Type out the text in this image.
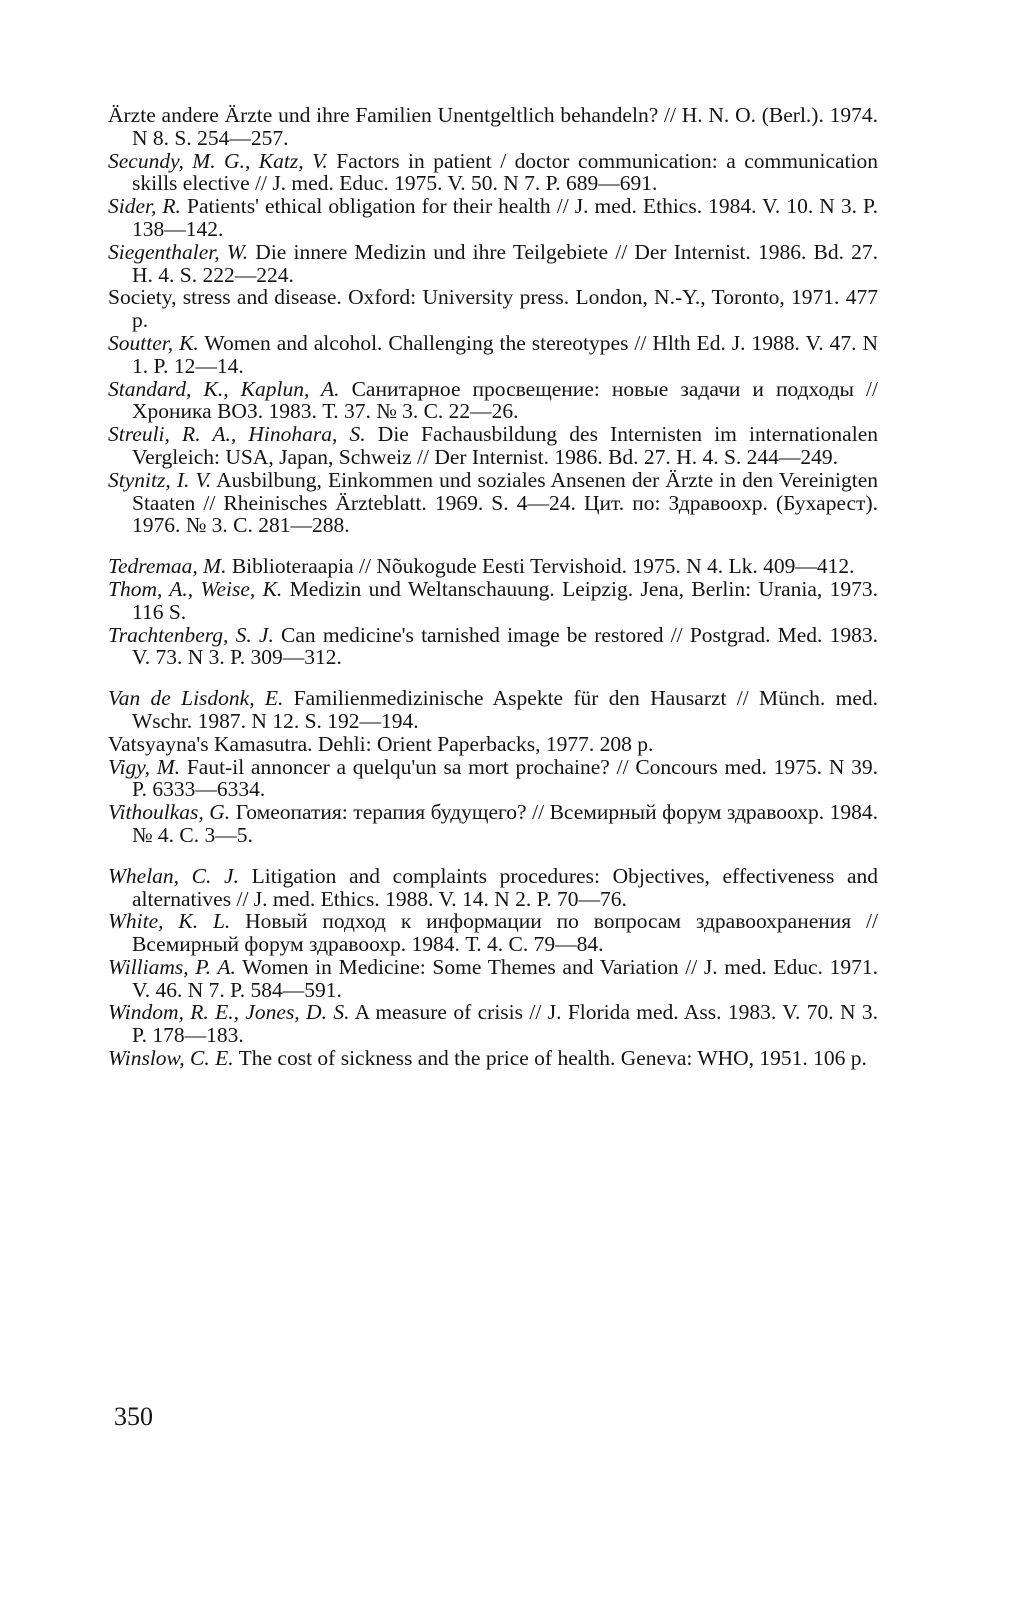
Ärzte andere Ärzte und ihre Familien Unentgeltlich behandeln? // H. N. O. (Berl.). 1974. N 8. S. 254—257.

Secundy, M. G., Katz, V. Factors in patient / doctor communication: a communication skills elective // J. med. Educ. 1975. V. 50. N 7. P. 689—691.

Sider, R. Patients' ethical obligation for their health // J. med. Ethics. 1984. V. 10. N 3. P. 138—142.

Siegenthaler, W. Die innere Medizin und ihre Teilgebiete // Der Internist. 1986. Bd. 27. H. 4. S. 222—224.

Society, stress and disease. Oxford: University press. London, N.-Y., Toronto, 1971. 477 p.

Soutter, K. Women and alcohol. Challenging the stereotypes // Hlth Ed. J. 1988. V. 47. N 1. P. 12—14.

Standard, K., Kaplun, A. Санитарное просвещение: новые задачи и подходы // Хроника ВОЗ. 1983. Т. 37. № 3. С. 22—26.

Streuli, R. A., Hinohara, S. Die Fachausbildung des Internisten im internationalen Vergleich: USA, Japan, Schweiz // Der Internist. 1986. Bd. 27. H. 4. S. 244—249.

Stynitz, I. V. Ausbilbung, Einkommen und soziales Ansenen der Ärzte in den Vereinigten Staaten // Rheinisches Ärzteblatt. 1969. S. 4—24. Цит. по: Здравоохр. (Бухарест). 1976. № 3. С. 281—288.

Tedremaa, M. Biblioteraapia // Nõukogude Eesti Tervishoid. 1975. N 4. Lk. 409—412.

Thom, A., Weise, K. Medizin und Weltanschauung. Leipzig. Jena, Berlin: Urania, 1973. 116 S.

Trachtenberg, S. J. Can medicine's tarnished image be restored // Postgrad. Med. 1983. V. 73. N 3. P. 309—312.

Van de Lisdonk, E. Familienmedizinische Aspekte für den Hausarzt // Münch. med. Wschr. 1987. N 12. S. 192—194.

Vatsyayna's Kamasutra. Dehli: Orient Paperbacks, 1977. 208 p.

Vigy, M. Faut-il annoncer a quelqu'un sa mort prochaine? // Concours med. 1975. N 39. P. 6333—6334.

Vithoulkas, G. Гомеопатия: терапия будущего? // Всемирный форум здравоохр. 1984. № 4. С. 3—5.

Whelan, C. J. Litigation and complaints procedures: Objectives, effectiveness and alternatives // J. med. Ethics. 1988. V. 14. N 2. P. 70—76.

White, K. L. Новый подход к информации по вопросам здравоохранения // Всемирный форум здравоохр. 1984. Т. 4. С. 79—84.

Williams, P. A. Women in Medicine: Some Themes and Variation // J. med. Educ. 1971. V. 46. N 7. P. 584—591.

Windom, R. E., Jones, D. S. A measure of crisis // J. Florida med. Ass. 1983. V. 70. N 3. P. 178—183.

Winslow, C. E. The cost of sickness and the price of health. Geneva: WHO, 1951. 106 p.

350
